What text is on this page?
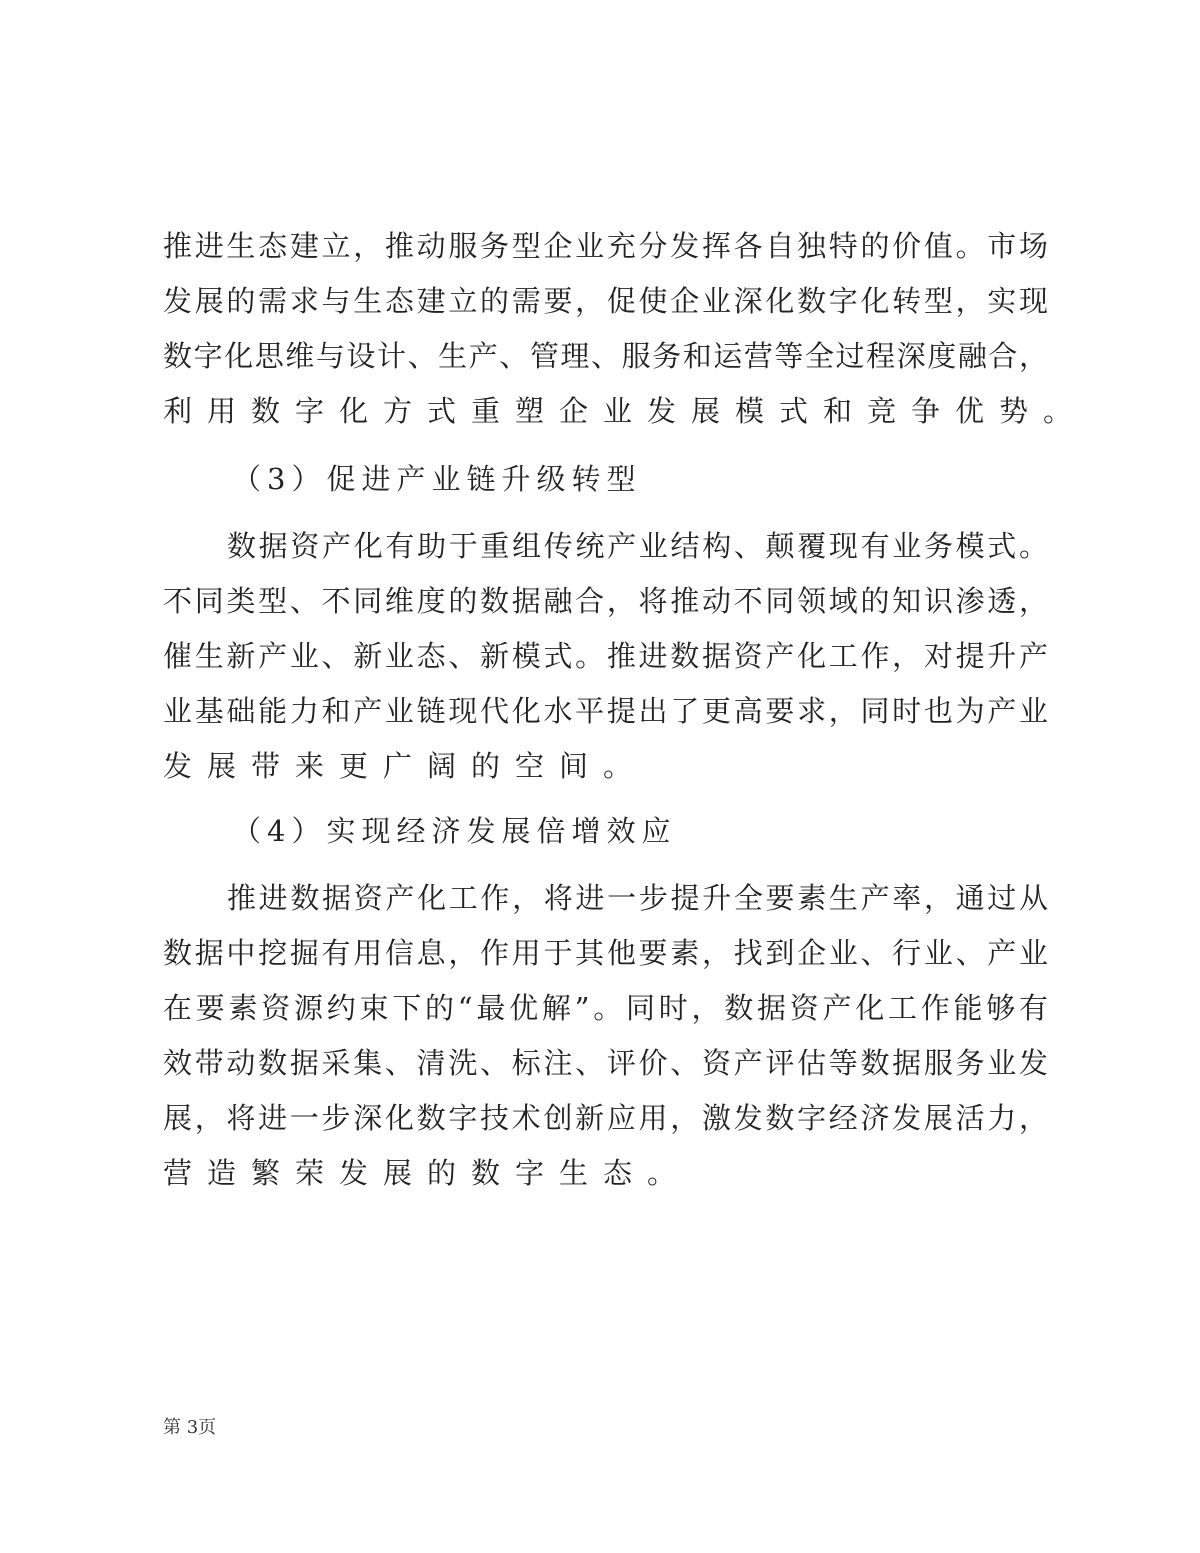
推进生态建立，推动服务型企业充分发挥各自独特的价值。市场
发展的需求与生态建立的需要，促使企业深化数字化转型，实现
数字化思维与设计、生产、管理、服务和运营等全过程深度融合，
利用数字化方式重塑企业发展模式和竞争优势。
（3）促进产业链升级转型
数据资产化有助于重组传统产业结构、颠覆现有业务模式。
不同类型、不同维度的数据融合，将推动不同领域的知识渗透，
催生新产业、新业态、新模式。推进数据资产化工作，对提升产
业基础能力和产业链现代化水平提出了更高要求，同时也为产业
发展带来更广阔的空间。
（4）实现经济发展倍增效应
推进数据资产化工作，将进一步提升全要素生产率，通过从
数据中挖掘有用信息，作用于其他要素，找到企业、行业、产业
在要素资源约束下的“最优解”。同时，数据资产化工作能够有
效带动数据采集、清洗、标注、评价、资产评估等数据服务业发
展，将进一步深化数字技术创新应用，激发数字经济发展活力，
营造繁荣发展的数字生态。
第 3页
